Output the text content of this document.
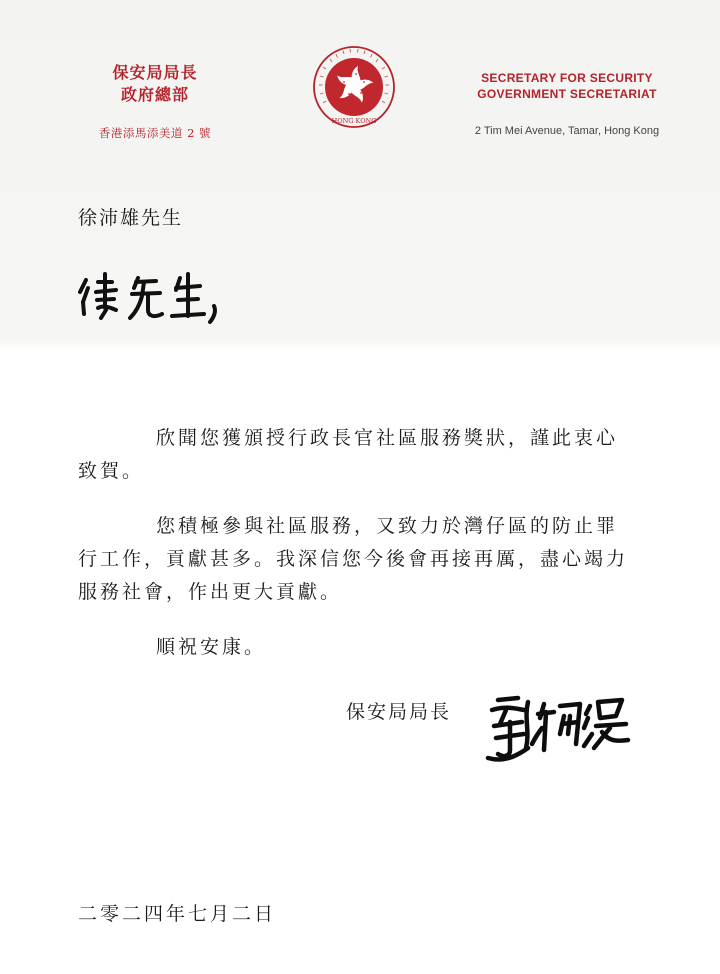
保安局局長
政府總部
香港添馬添美道 2 號
HONG KONG
SECRETARY FOR SECURITY
GOVERNMENT SECRETARIAT
2 Tim Mei Avenue, Tamar, Hong Kong
徐沛雄先生

欣聞您獲頒授行政長官社區服務獎狀，謹此衷心致賀。

您積極參與社區服務，又致力於灣仔區的防止罪行工作，貢獻甚多。我深信您今後會再接再厲，盡心竭力服務社會，作出更大貢獻。

順祝安康。
保安局局長
二零二四年七月二日
